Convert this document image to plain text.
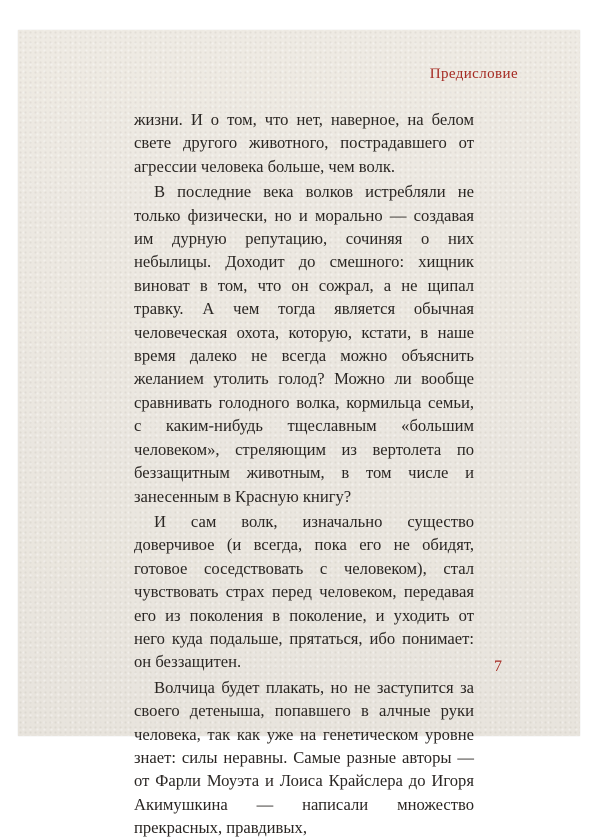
Предисловие

жизни. И о том, что нет, наверное, на белом свете другого животного, пострадавшего от агрессии человека больше, чем волк.

В последние века волков истребляли не только физически, но и морально — создавая им дурную репутацию, сочиняя о них небылицы. Доходит до смешного: хищник виноват в том, что он сожрал, а не щипал травку. А чем тогда является обычная человеческая охота, которую, кстати, в наше время далеко не всегда можно объяснить желанием утолить голод? Можно ли вообще сравнивать голодного волка, кормильца семьи, с каким-нибудь тщеславным «большим человеком», стреляющим из вертолета по беззащитным животным, в том числе и занесенным в Красную книгу?

И сам волк, изначально существо доверчивое (и всегда, пока его не обидят, готовое соседствовать с человеком), стал чувствовать страх перед человеком, передавая его из поколения в поколение, и уходить от него куда подальше, прятаться, ибо понимает: он беззащитен.

Волчица будет плакать, но не заступится за своего детеныша, попавшего в алчные руки человека, так как уже на генетическом уровне знает: силы неравны. Самые разные авторы — от Фарли Моуэта и Лоиса Крайслера до Игоря Акимушкина — написали множество прекрасных, правдивых,

7
